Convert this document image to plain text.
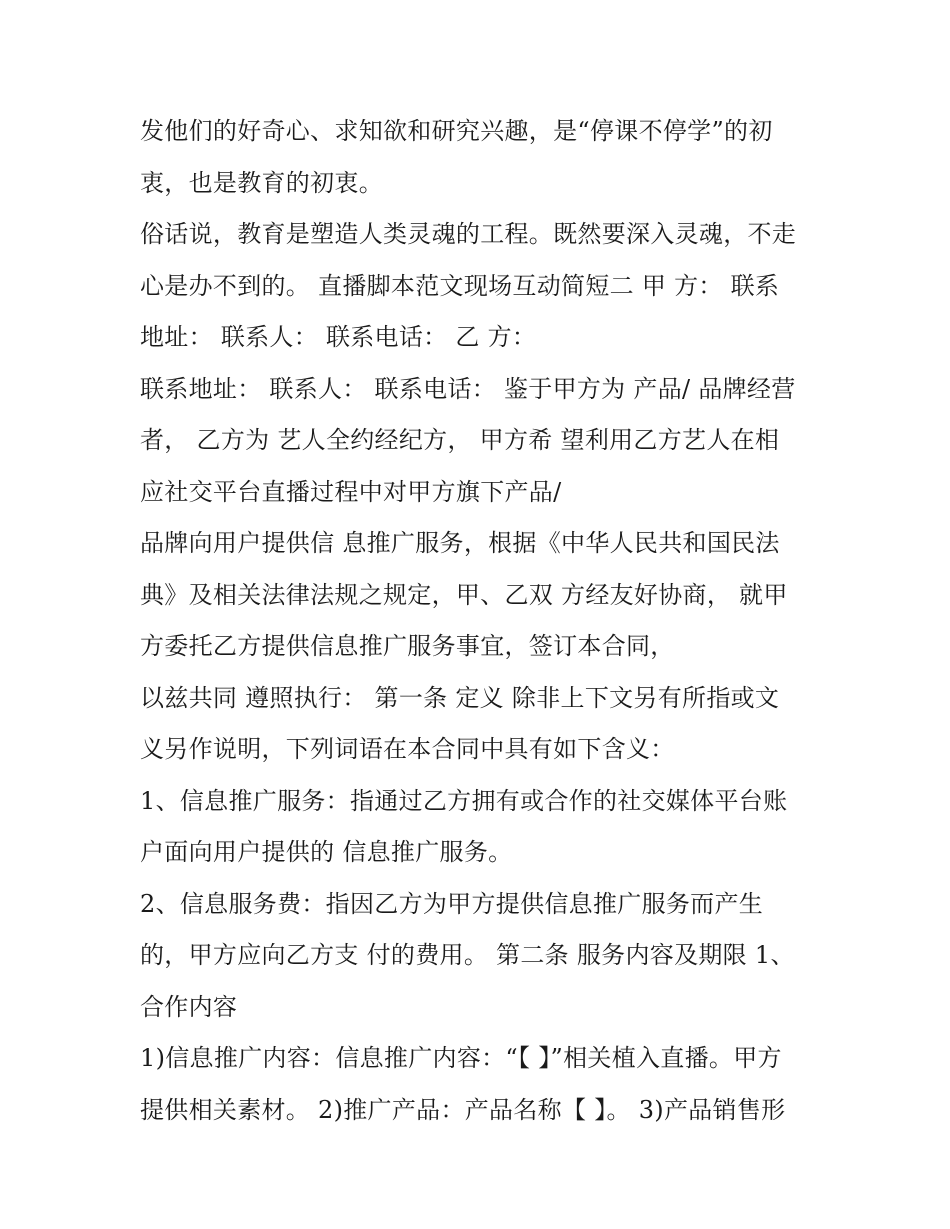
发他们的好奇心、求知欲和研究兴趣，是“停课不停学”的初
衷，也是教育的初衷。
俗话说，教育是塑造人类灵魂的工程。既然要深入灵魂，不走
心是办不到的。 直播脚本范文现场互动简短二 甲 方： 联系
地址： 联系人： 联系电话： 乙 方：
联系地址： 联系人： 联系电话： 鉴于甲方为 产品/ 品牌经营
者， 乙方为 艺人全约经纪方， 甲方希 望利用乙方艺人在相
应社交平台直播过程中对甲方旗下产品/
品牌向用户提供信 息推广服务，根据《中华人民共和国民法
典》及相关法律法规之规定，甲、乙双 方经友好协商， 就甲
方委托乙方提供信息推广服务事宜，签订本合同，
以兹共同 遵照执行： 第一条 定义 除非上下文另有所指或文
义另作说明，下列词语在本合同中具有如下含义：
1、信息推广服务：指通过乙方拥有或合作的社交媒体平台账
户面向用户提供的 信息推广服务。
2、信息服务费：指因乙方为甲方提供信息推广服务而产生
的，甲方应向乙方支 付的费用。 第二条 服务内容及期限 1、
合作内容
1)信息推广内容：信息推广内容：“【 】”相关植入直播。甲方
提供相关素材。 2)推广产品：产品名称【 】。 3)产品销售形
